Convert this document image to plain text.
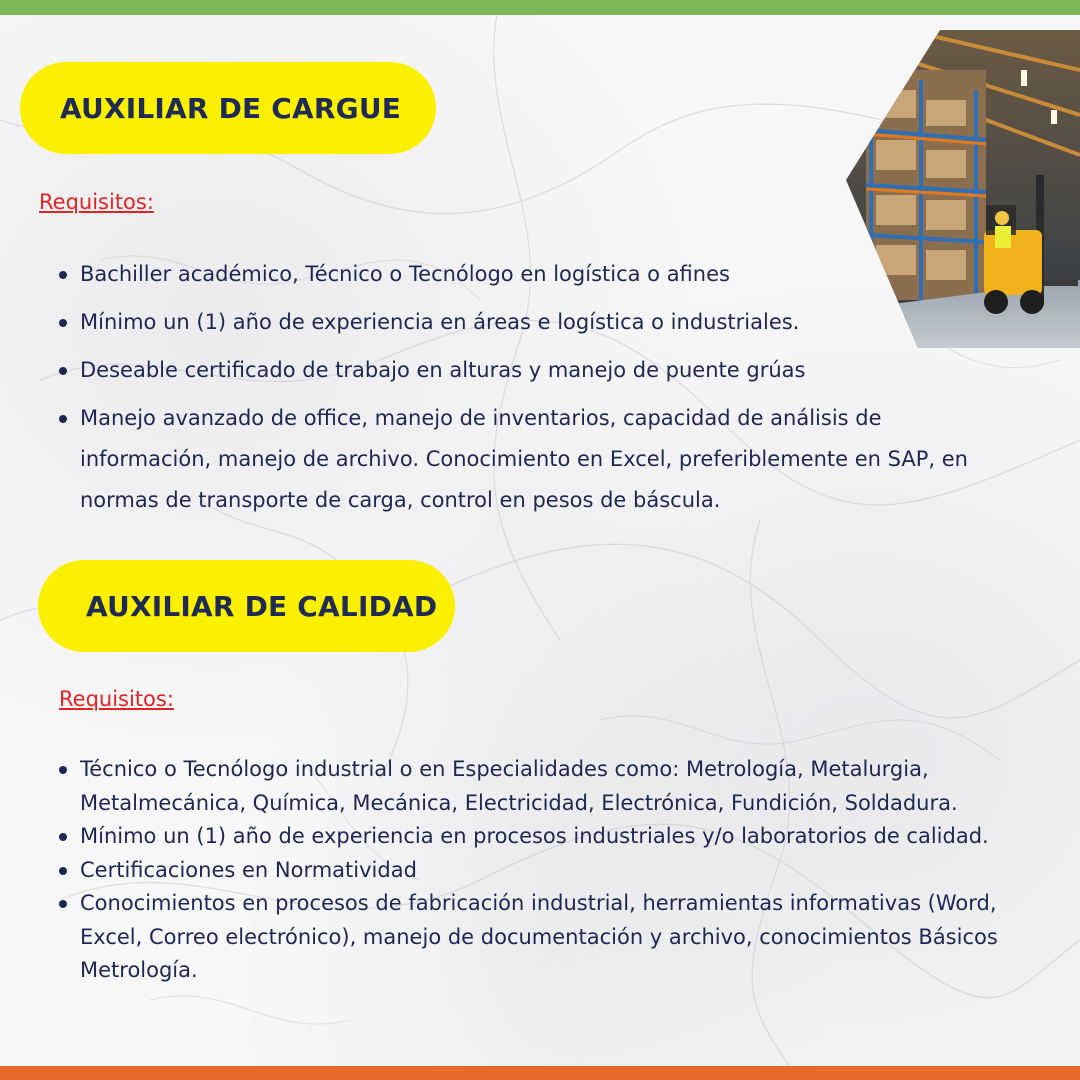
AUXILIAR DE CARGUE
Requisitos:
Bachiller académico, Técnico o Tecnólogo en logística o afines
Mínimo un (1) año de experiencia en áreas e logística o industriales.
Deseable certificado de trabajo en alturas y manejo de puente grúas
Manejo avanzado de office, manejo de inventarios, capacidad de análisis de información, manejo de archivo. Conocimiento en Excel, preferiblemente en SAP, en normas de transporte de carga, control en pesos de báscula.
AUXILIAR DE CALIDAD
Requisitos:
Técnico o Tecnólogo industrial o en Especialidades como: Metrología, Metalurgia, Metalmecánica, Química, Mecánica, Electricidad, Electrónica, Fundición, Soldadura.
Mínimo un (1) año de experiencia en procesos industriales y/o laboratorios de calidad.
Certificaciones en Normatividad
Conocimientos en procesos de fabricación industrial, herramientas informativas (Word, Excel, Correo electrónico), manejo de documentación y archivo, conocimientos Básicos Metrología.
